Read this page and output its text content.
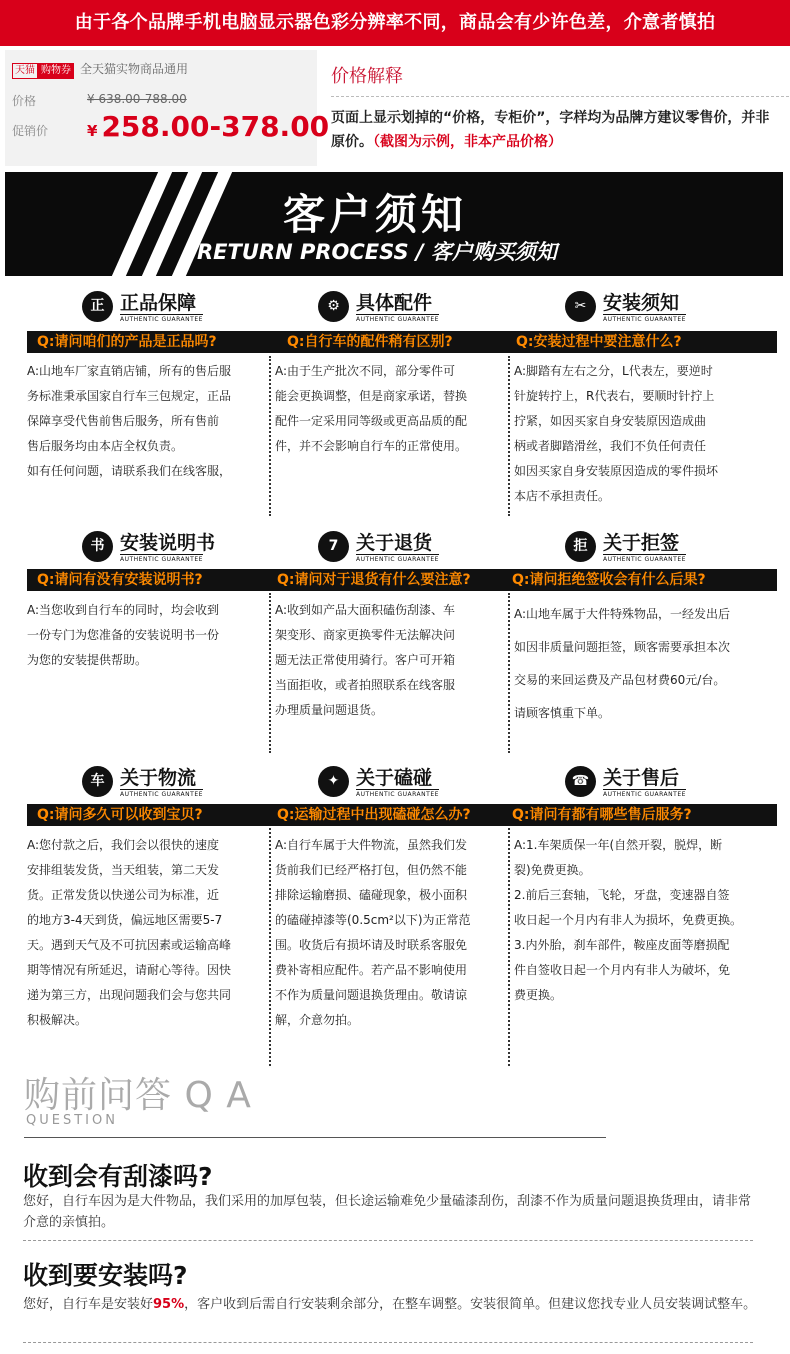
由于各个品牌手机电脑显示器色彩分辨率不同，商品会有少许色差，介意者慎拍
天猫 购物券 全天猫实物商品通用
价格	¥ 638.00-788.00
促销价	¥ 258.00-378.00
价格解释
页面上显示划掉的“价格，专柜价”，字样均为品牌方建议零售价，并非原价。（截图为示例，非本产品价格）
客户须知
RETURN PROCESS / 客户购买须知
正 正品保障
AUTHENTIC GUARANTEE
⚙ 具体配件
AUTHENTIC GUARANTEE
✂ 安装须知
AUTHENTIC GUARANTEE
Q:请问咱们的产品是正品吗?	Q:自行车的配件稍有区别?	Q:安装过程中要注意什么?
A:山地车厂家直销店铺，所有的售后服
务标准秉承国家自行车三包规定，正品
保障享受代售前售后服务，所有售前
售后服务均由本店全权负责。
如有任何问题，请联系我们在线客服，
A:由于生产批次不同，部分零件可
能会更换调整，但是商家承诺，替换
配件一定采用同等级或更高品质的配
件，并不会影响自行车的正常使用。
A:脚踏有左右之分，L代表左，要逆时
针旋转拧上，R代表右，要顺时针拧上
拧紧，如因买家自身安装原因造成曲
柄或者脚踏滑丝，我们不负任何责任
如因买家自身安装原因造成的零件损坏
本店不承担责任。
书 安装说明书
AUTHENTIC GUARANTEE
7 关于退货
AUTHENTIC GUARANTEE
拒 关于拒签
AUTHENTIC GUARANTEE
Q:请问有没有安装说明书?	Q:请问对于退货有什么要注意?	Q:请问拒绝签收会有什么后果?
A:当您收到自行车的同时，均会收到
一份专门为您准备的安装说明书一份
为您的安装提供帮助。
A:收到如产品大面积磕伤刮漆、车
架变形、商家更换零件无法解决问
题无法正常使用骑行。客户可开箱
当面拒收，或者拍照联系在线客服
办理质量问题退货。
A:山地车属于大件特殊物品，一经发出后
如因非质量问题拒签，顾客需要承担本次
交易的来回运费及产品包材费60元/台。
请顾客慎重下单。
车 关于物流
AUTHENTIC GUARANTEE
✦ 关于磕碰
AUTHENTIC GUARANTEE
☎ 关于售后
AUTHENTIC GUARANTEE
Q:请问多久可以收到宝贝?	Q:运输过程中出现磕碰怎么办?	Q:请问有都有哪些售后服务?
A:您付款之后，我们会以很快的速度
安排组装发货，当天组装，第二天发
货。正常发货以快递公司为标准，近
的地方3-4天到货，偏远地区需要5-7
天。遇到天气及不可抗因素或运输高峰
期等情况有所延迟，请耐心等待。因快
递为第三方，出现问题我们会与您共同
积极解决。
A:自行车属于大件物流，虽然我们发
货前我们已经严格打包，但仍然不能
排除运输磨损、磕碰现象，极小面积
的磕碰掉漆等(0.5cm²以下)为正常范
围。收货后有损坏请及时联系客服免
费补寄相应配件。若产品不影响使用
不作为质量问题退换货理由。敬请谅
解，介意勿拍。
A:1.车架质保一年(自然开裂，脱焊，断
裂)免费更换。
2.前后三套轴，飞轮，牙盘，变速器自签
收日起一个月内有非人为损坏，免费更换。
3.内外胎，刹车部件，鞍座皮面等磨损配
件自签收日起一个月内有非人为破坏，免
费更换。
购前问答 Q A
QUESTION
收到会有刮漆吗?
您好，自行车因为是大件物品，我们采用的加厚包装，但长途运输难免少量磕漆刮伤，刮漆不作为质量问题退换货理由，请非常介意的亲慎拍。
收到要安装吗?
您好，自行车是安装好95%，客户收到后需自行安装剩余部分，在整车调整。安装很简单。但建议您找专业人员安装调试整车。
